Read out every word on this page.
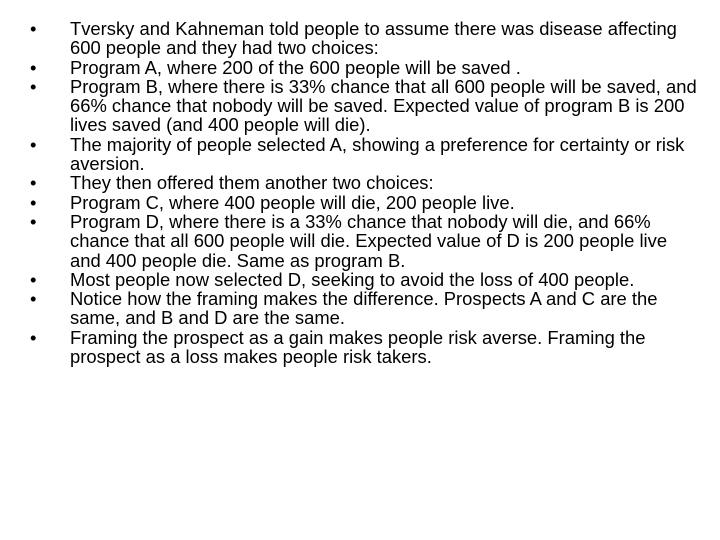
•	Tversky and Kahneman told people to assume there was disease affecting 600 people and they had two choices:
•	Program A, where 200 of the 600 people will be saved .
•	Program B, where there is 33% chance that all 600 people will be saved, and 66% chance that nobody will be saved. Expected value of program B is 200 lives saved (and 400 people will die).
•	The majority of people selected A, showing a preference for certainty or risk aversion.
•	They then offered them another two choices:
•	Program C, where 400 people will die, 200 people live.
•	Program D, where there is a 33% chance that nobody will die, and 66% chance that all 600 people will die. Expected value of D is 200 people live and 400 people die. Same as program B.
•	Most people now selected D, seeking to avoid the loss of 400 people.
•	Notice how the framing makes the difference. Prospects A and C are the same, and B and D are the same.
•	Framing the prospect as a gain makes people risk averse. Framing the prospect as a loss makes people risk takers.
